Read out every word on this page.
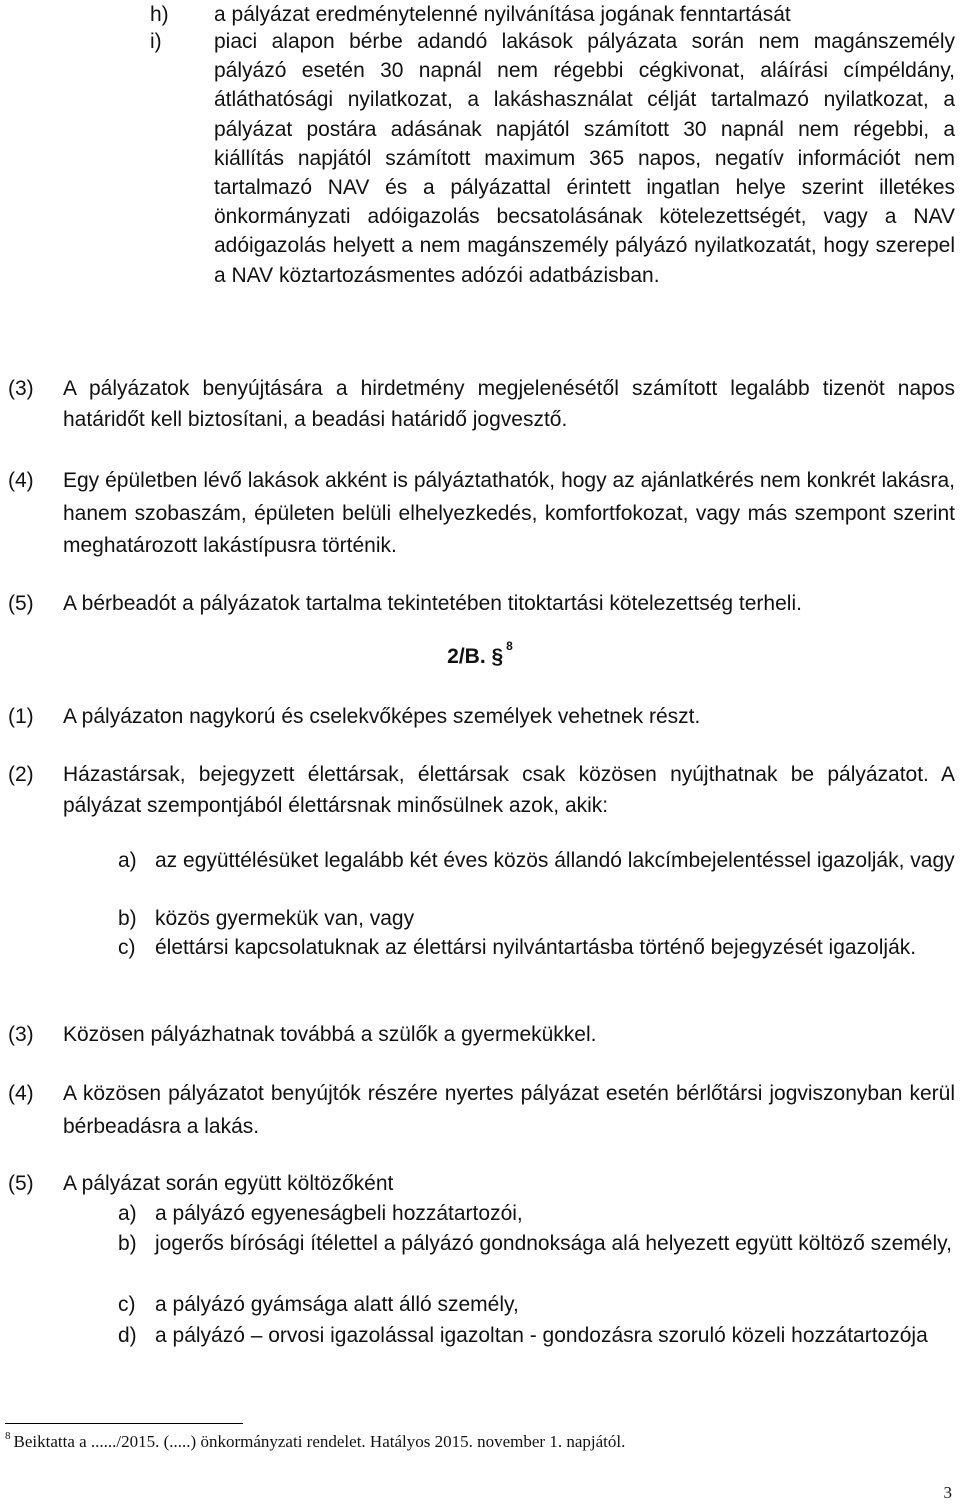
h) a pályázat eredménytelenné nyilvánítása jogának fenntartását
i) piaci alapon bérbe adandó lakások pályázata során nem magánszemély pályázó esetén 30 napnál nem régebbi cégkivonat, aláírási címpéldány, átláthatósági nyilatkozat, a lakáshasználat célját tartalmazó nyilatkozat, a pályázat postára adásának napjától számított 30 napnál nem régebbi, a kiállítás napjától számított maximum 365 napos, negatív információt nem tartalmazó NAV és a pályázattal érintett ingatlan helye szerint illetékes önkormányzati adóigazolás becsatolásának kötelezettségét, vagy a NAV adóigazolás helyett a nem magánszemély pályázó nyilatkozatát, hogy szerepel a NAV köztartozásmentes adózói adatbázisban.
(3) A pályázatok benyújtására a hirdetmény megjelenésétől számított legalább tizenöt napos határidőt kell biztosítani, a beadási határidő jogvesztő.
(4) Egy épületben lévő lakások akként is pályáztathatók, hogy az ajánlatkérés nem konkrét lakásra, hanem szobaszám, épületen belüli elhelyezkedés, komfortfokozat, vagy más szempont szerint meghatározott lakástípusra történik.
(5) A bérbeadót a pályázatok tartalma tekintetében titoktartási kötelezettség terheli.
2/B. § $^8$
(1) A pályázaton nagykorú és cselekvőképes személyek vehetnek részt.
(2) Házastársak, bejegyzett élettársak, élettársak csak közösen nyújthatnak be pályázatot. A pályázat szempontjából élettársnak minősülnek azok, akik:
a) az együttélésüket legalább két éves közös állandó lakcímbejelentéssel igazolják, vagy
b) közös gyermekük van, vagy
c) élettársi kapcsolatuknak az élettársi nyilvántartásba történő bejegyzését igazolják.
(3) Közösen pályázhatnak továbbá a szülők a gyermekükkel.
(4) A közösen pályázatot benyújtók részére nyertes pályázat esetén bérlőtársi jogviszonyban kerül bérbeadásra a lakás.
(5) A pályázat során együtt költözőként
a) a pályázó egyeneságbeli hozzátartozói,
b) jogerős bírósági ítélettel a pályázó gondnoksága alá helyezett együtt költöző személy,
c) a pályázó gyámsága alatt álló személy,
d) a pályázó – orvosi igazolással igazoltan - gondozásra szoruló közeli hozzátartozója
$^8$ Beiktatta a ....../2015. (.....) önkormányzati rendelet. Hatályos 2015. november 1. napjától.
3
